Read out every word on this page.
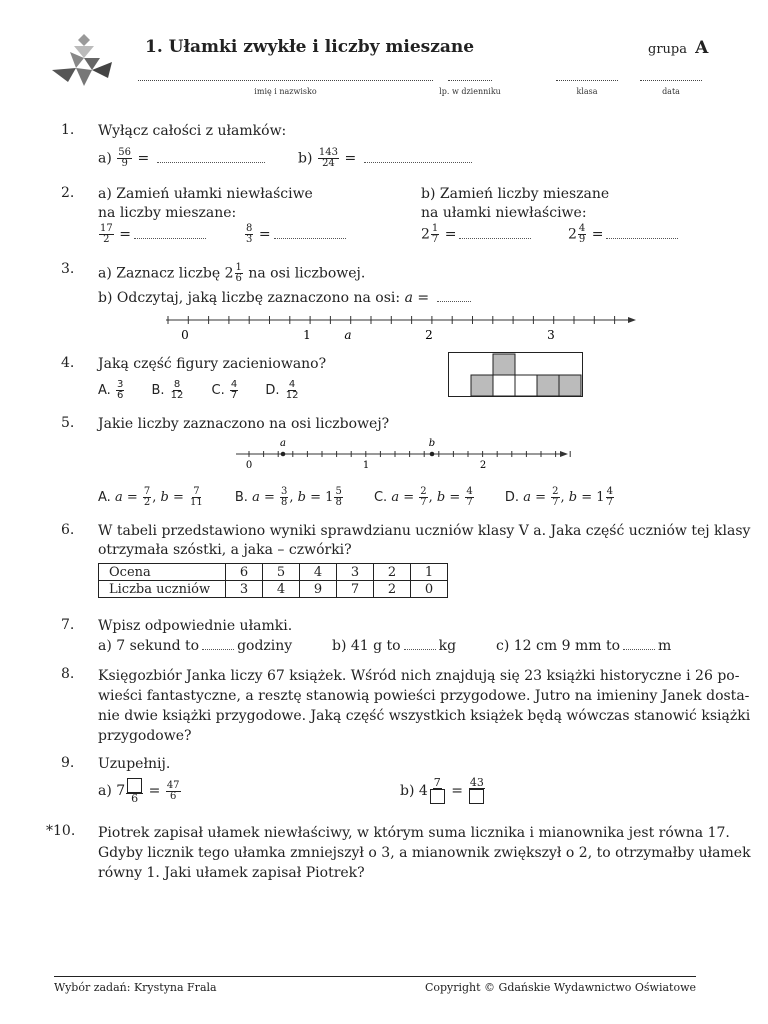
1. Ułamki zwykłe i liczby mieszane	grupa A
imię i nazwisko	lp. w dzienniku	klasa	data
1. Wyłącz całości z ułamków:
$a) \frac{56}{9}$ =	$b) \frac{143}{24}$ =
2. a) Zamień ułamki niewłaściwe
na liczby mieszane:
b) Zamień liczby mieszane
na ułamki niewłaściwe:
$\frac{17}{2}$ =	$\frac{8}{3}$ =	$2 \frac{1}{7}$ =	$2 \frac{4}{9}$ =
3. a) Zaznacz liczbę $2 \frac{1}{6}$ na osi liczbowej.
b) Odczytaj, jaką liczbę zaznaczono na osi: a =
0	1	a	2	3
4. Jaką część figury zacieniowano?
A. $\frac{3}{6} B$. $\frac{8}{12} C$. $\frac{4}{7} D$. $\frac{4}{12}$
5. Jakie liczby zaznaczono na osi liczbowej?
a	b
0	1	2
A. $a = \frac{7}{2}$ , $b = \frac{7}{11} B$. $a = \frac{3}{8}$ , $b = 1 \frac{5}{8} C$. $a = \frac{2}{7}$ , $b = \frac{4}{7} D$. $a = \frac{2}{7}$ , $b = 1 \frac{4}{7}$
6. W tabeli przedstawiono wyniki sprawdzianu uczniów klasy V a. Jaka część uczniów tej klasy
otrzymała szóstki, a jaka – czwórki?
Ocena	6	5	4	3	2	1
Liczba uczniów	3	4	9	7	2	0
7. Wpisz odpowiednie ułamki.
a) 7 sekund to	godziny	b) 41 g to	kg	c) 12 cm 9 mm to	m
8. Księgozbiór Janka liczy 67 książek. Wśród nich znajdują się 23 książki historyczne i 26 po-
wieści fantastyczne, a resztę stanowią powieści przygodowe. Jutro na imieniny Janek dosta-
nie dwie książki przygodowe. Jaką część wszystkich książek będą wówczas stanowić książki
przygodowe?
9. Uzupełnij.
a) 7 $6 = \frac{47}{6}$	b) 4
7
=
43
*10. Piotrek zapisał ułamek niewłaściwy, w którym suma licznika i mianownika jest równa 17.
Gdyby licznik tego ułamka zmniejszył o 3, a mianownik zwiększył o 2, to otrzymałby ułamek
równy 1. Jaki ułamek zapisał Piotrek?
Wybór zadań: Krystyna Frala	Copyright © Gdańskie Wydawnictwo Oświatowe
